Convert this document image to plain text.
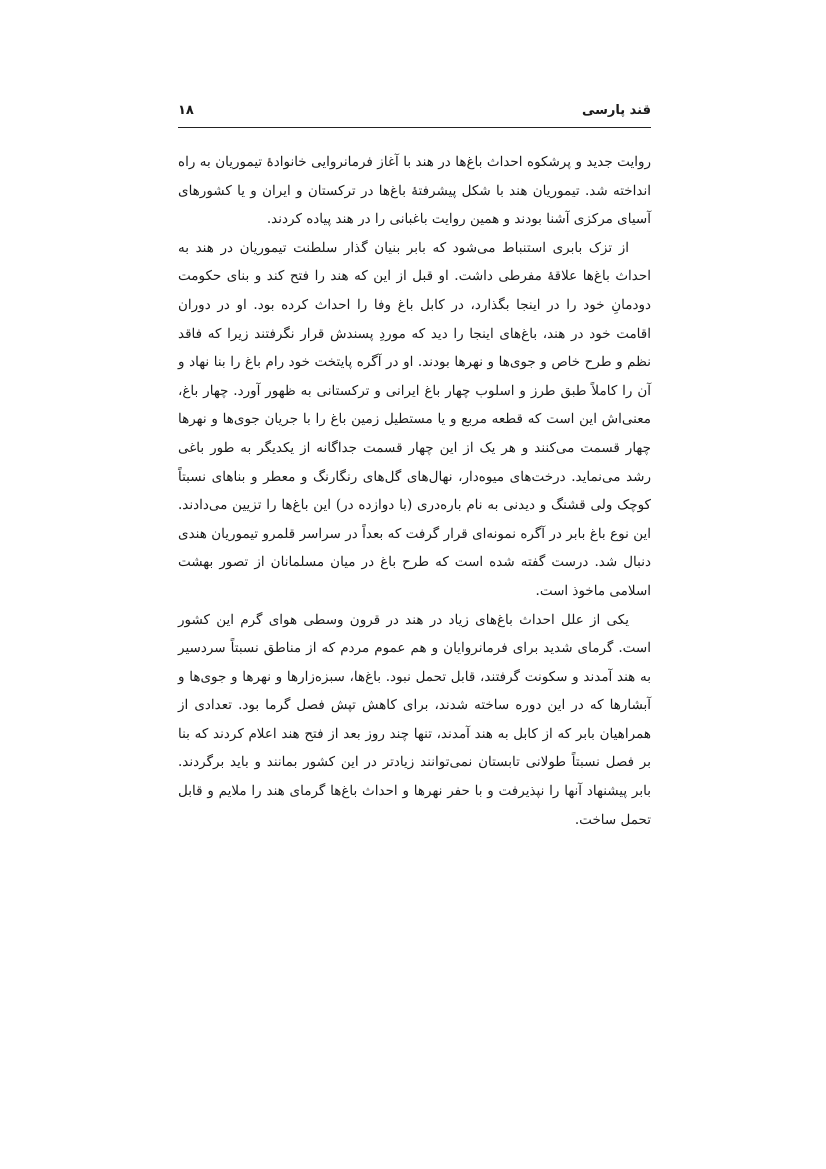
قند پارسی
۱۸

روایت جدید و پرشکوه احداث باغ‌ها در هند با آغاز فرمانروایی خانوادهٔ تیموریان به راه انداخته شد. تیموریان هند با شکل پیشرفتهٔ باغ‌ها در ترکستان و ایران و یا کشورهای آسیای مرکزی آشنا بودند و همین روایت باغبانی را در هند پیاده کردند.

از تزک بابری استنباط می‌شود که بابر بنیان گذار سلطنت تیموریان در هند به احداث باغ‌ها علاقهٔ مفرطی داشت. او قبل از این که هند را فتح کند و بنای حکومت دودمانِ خود را در اینجا بگذارد، در کابل باغ وفا را احداث کرده بود. او در دوران اقامت خود در هند، باغ‌های اینجا را دید که موردِ پسندش قرار نگرفتند زیرا که فاقد نظم و طرح خاص و جوی‌ها و نهرها بودند. او در آگره پایتخت خود رام باغ را بنا نهاد و آن را کاملاً طبق طرز و اسلوب چهار باغ ایرانی و ترکستانی به ظهور آورد. چهار باغ، معنی‌اش این است که قطعه مربع و یا مستطیل زمین باغ را با جریان جوی‌ها و نهرها چهار قسمت می‌کنند و هر یک از این چهار قسمت جداگانه از یکدیگر به طور باغی رشد می‌نماید. درخت‌های میوه‌دار، نهال‌های گل‌های رنگارنگ و معطر و بناهای نسبتاً کوچک ولی قشنگ و دیدنی به نام باره‌دری (با دوازده در) این باغ‌ها را تزیین می‌دادند. این نوع باغ بابر در آگره نمونه‌ای قرار گرفت که بعداً در سراسر قلمرو تیموریان هندی دنبال شد. درست گفته شده است که طرح باغ در میان مسلمانان از تصور بهشت اسلامی ماخوذ است.

یکی از علل احداث باغ‌های زیاد در هند در قرون وسطی هوای گرم این کشور است. گرمای شدید برای فرمانروایان و هم عموم مردم که از مناطق نسبتاً سردسیر به هند آمدند و سکونت گرفتند، قابل تحمل نبود. باغ‌ها، سبزه‌زارها و نهرها و جوی‌ها و آبشارها که در این دوره ساخته شدند، برای کاهش تپش فصل گرما بود. تعدادی از همراهیان بابر که از کابل به هند آمدند، تنها چند روز بعد از فتح هند اعلام کردند که بنا بر فصل نسبتاً طولانی تابستان نمی‌توانند زیادتر در این کشور بمانند و باید برگردند. بابر پیشنهاد آنها را نپذیرفت و با حفر نهرها و احداث باغ‌ها گرمای هند را ملایم و قابل تحمل ساخت.
